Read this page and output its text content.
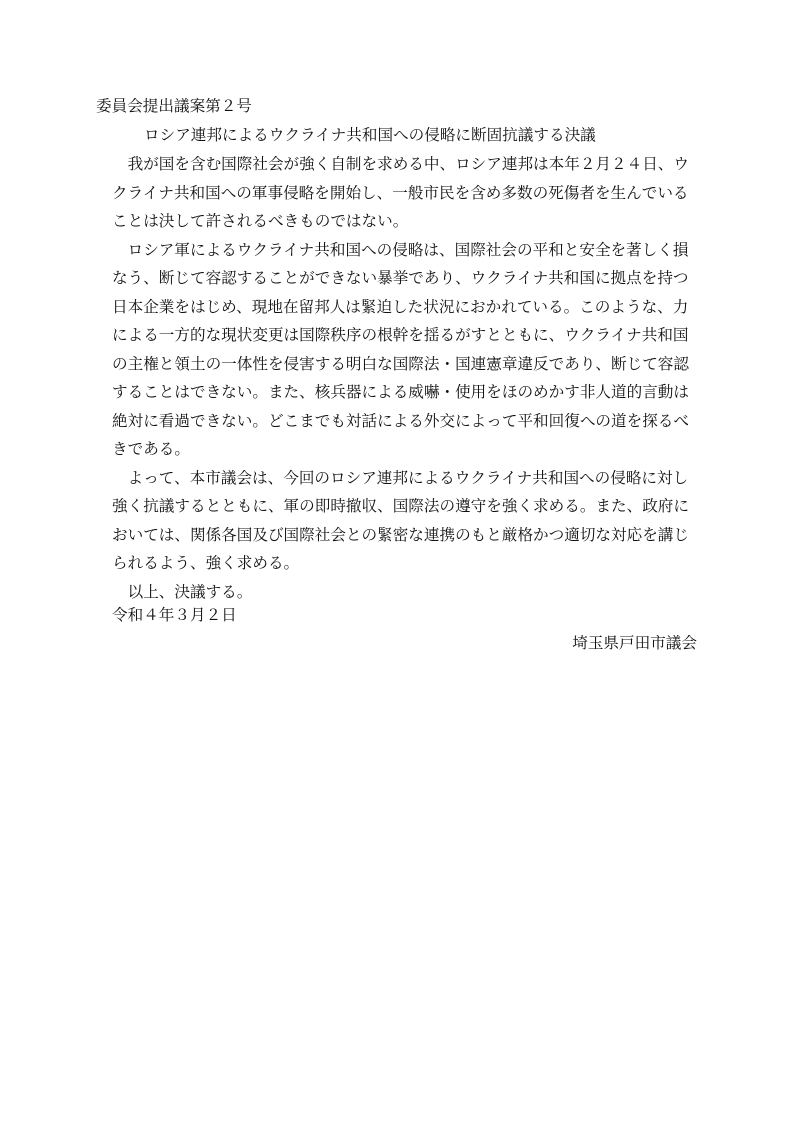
委員会提出議案第２号
ロシア連邦によるウクライナ共和国への侵略に断固抗議する決議
　我が国を含む国際社会が強く自制を求める中、ロシア連邦は本年２月２４日、ウ
クライナ共和国への軍事侵略を開始し、一般市民を含め多数の死傷者を生んでいる
ことは決して許されるべきものではない。
　ロシア軍によるウクライナ共和国への侵略は、国際社会の平和と安全を著しく損
なう、断じて容認することができない暴挙であり、ウクライナ共和国に拠点を持つ
日本企業をはじめ、現地在留邦人は緊迫した状況におかれている。このような、力
による一方的な現状変更は国際秩序の根幹を揺るがすとともに、ウクライナ共和国
の主権と領土の一体性を侵害する明白な国際法・国連憲章違反であり、断じて容認
することはできない。また、核兵器による威嚇・使用をほのめかす非人道的言動は
絶対に看過できない。どこまでも対話による外交によって平和回復への道を探るべ
きである。
　よって、本市議会は、今回のロシア連邦によるウクライナ共和国への侵略に対し
強く抗議するとともに、軍の即時撤収、国際法の遵守を強く求める。また、政府に
おいては、関係各国及び国際社会との緊密な連携のもと厳格かつ適切な対応を講じ
られるよう、強く求める。
　以上、決議する。
令和４年３月２日
埼玉県戸田市議会
